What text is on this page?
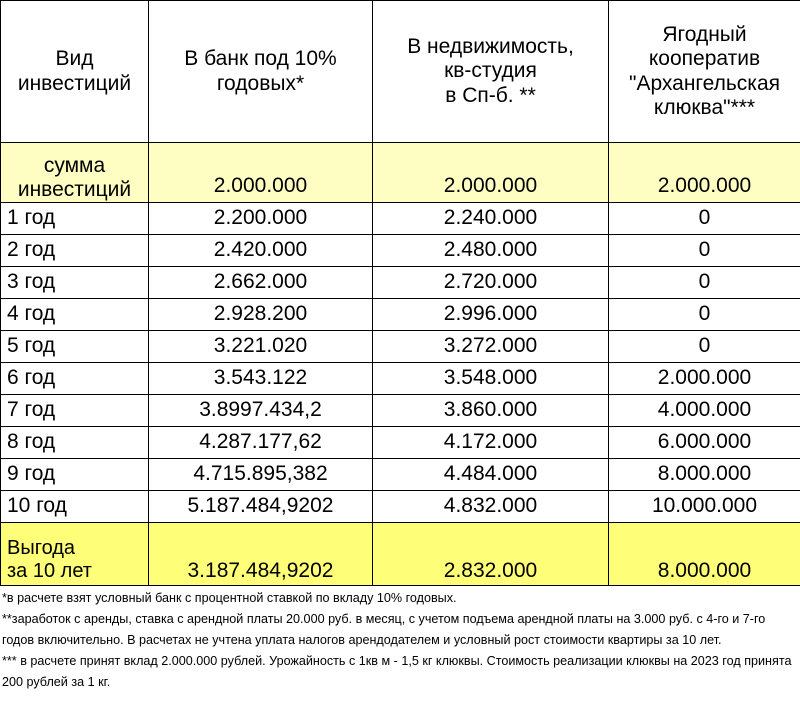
Вид инвестиций	В банк под 10% годовых*	В недвижимость,
кв-студия
в Сп-б. **	Ягодный кооператив "Архангельская клюква"***

сумма
инвестиций	2.000.000	2.000.000	2.000.000
1 год	2.200.000	2.240.000	0
2 год	2.420.000	2.480.000	0
3 год	2.662.000	2.720.000	0
4 год	2.928.200	2.996.000	0
5 год	3.221.020	3.272.000	0
6 год	3.543.122	3.548.000	2.000.000
7 год	3.8997.434,2	3.860.000	4.000.000
8 год	4.287.177,62	4.172.000	6.000.000
9 год	4.715.895,382	4.484.000	8.000.000
10 год	5.187.484,9202	4.832.000	10.000.000

Выгода
за 10 лет	3.187.484,9202	2.832.000	8.000.000

*в расчете взят условный банк с процентной ставкой по вкладу 10% годовых.

**заработок с аренды, ставка с арендной платы 20.000 руб. в месяц, с учетом подъема арендной платы на 3.000 руб. с 4-го и 7-го годов включительно. В расчетах не учтена уплата налогов арендодателем и условный рост стоимости квартиры за 10 лет.

*** в расчете принят вклад 2.000.000 рублей. Урожайность с 1кв м - 1,5 кг клюквы. Стоимость реализации клюквы на 2023 год принята 200 рублей за 1 кг.
